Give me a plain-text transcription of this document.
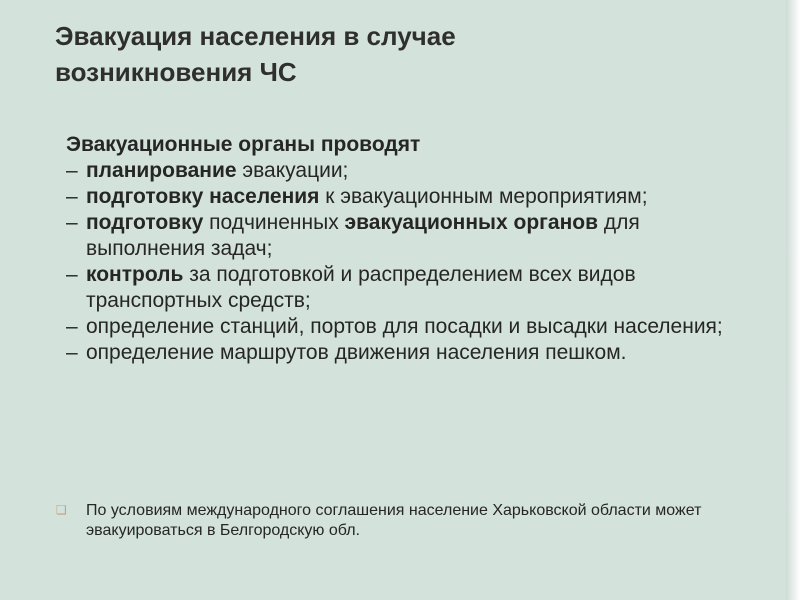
Эвакуация населения в случае
возникновения ЧС

Эвакуационные органы проводят

– планирование эвакуации;

– подготовку населения к эвакуационным мероприятиям;

– подготовку подчиненных эвакуационных органов для выполнения задач;

– контроль за подготовкой и распределением всех видов транспортных средств;

– определение станций, портов для посадки и высадки населения;

– определение маршрутов движения населения пешком.

❑	По условиям международного соглашения население Харьковской области может эвакуироваться в Белгородскую обл.
